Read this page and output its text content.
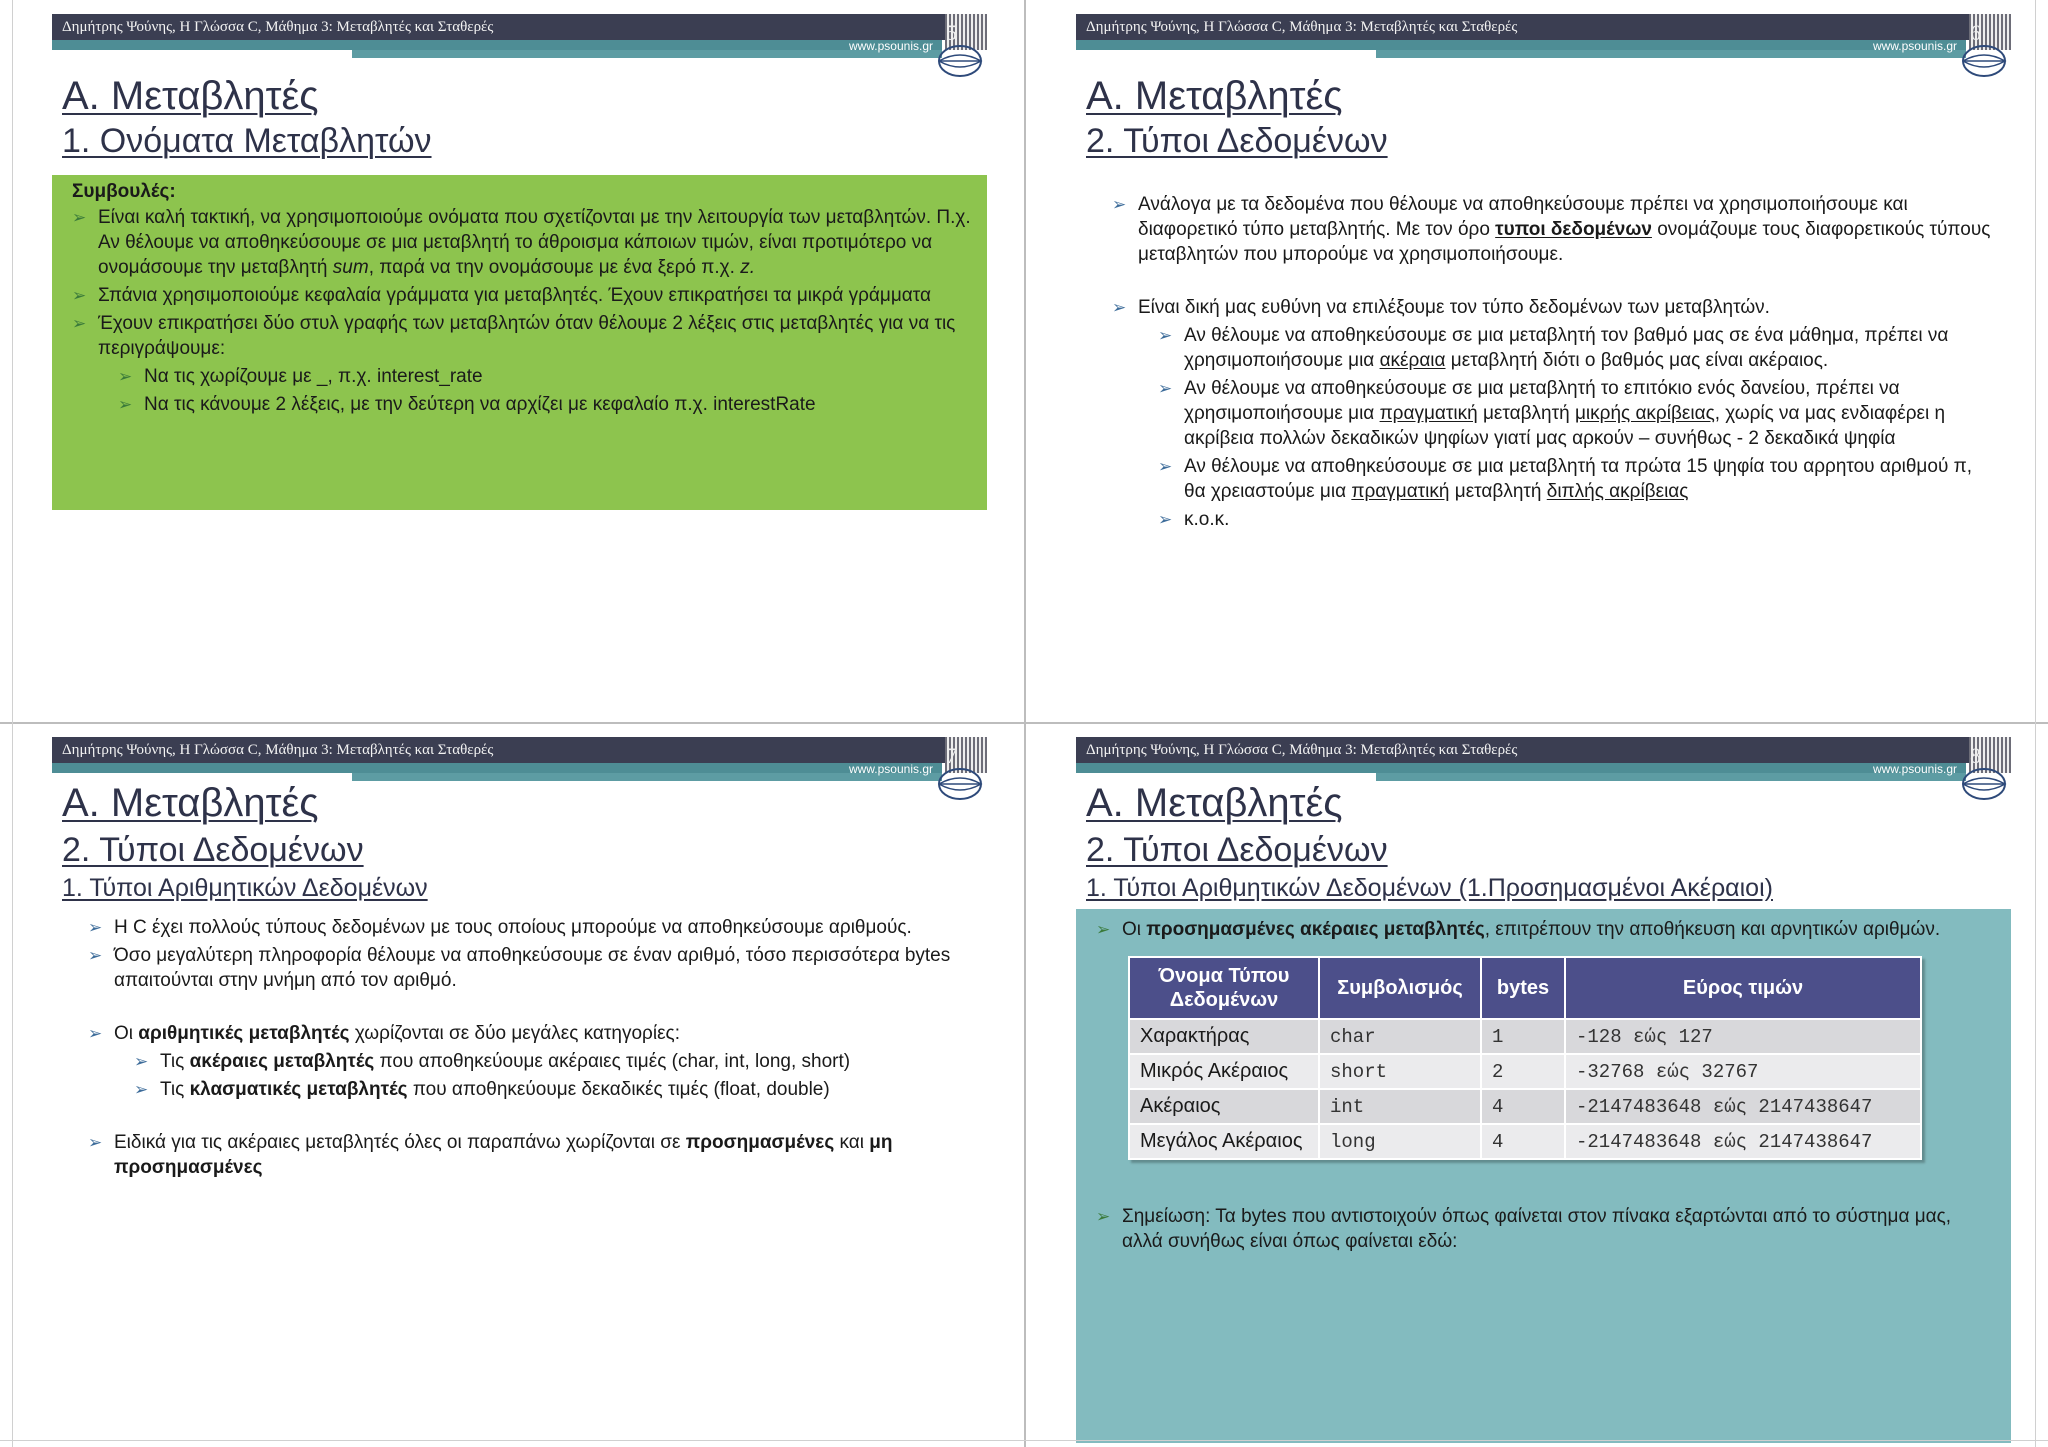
Δημήτρης Ψούνης, Η Γλώσσα C, Μάθημα 3: Μεταβλητές και Σταθερές
www.psounis.gr
5
Α. Μεταβλητές
1. Ονόματα Μεταβλητών
Συμβουλές:
➢ Είναι καλή τακτική, να χρησιμοποιούμε ονόματα που σχετίζονται με την λειτουργία των μεταβλητών. Π.χ. Αν θέλουμε να αποθηκεύσουμε σε μια μεταβλητή το άθροισμα κάποιων τιμών, είναι προτιμότερο να ονομάσουμε την μεταβλητή sum, παρά να την ονομάσουμε με ένα ξερό π.χ. z.
➢ Σπάνια χρησιμοποιούμε κεφαλαία γράμματα για μεταβλητές. Έχουν επικρατήσει τα μικρά γράμματα
➢ Έχουν επικρατήσει δύο στυλ γραφής των μεταβλητών όταν θέλουμε 2 λέξεις στις μεταβλητές για να τις περιγράψουμε:
➢ Να τις χωρίζουμε με _, π.χ. interest_rate
➢ Να τις κάνουμε 2 λέξεις, με την δεύτερη να αρχίζει με κεφαλαίο π.χ. interestRate
Δημήτρης Ψούνης, Η Γλώσσα C, Μάθημα 3: Μεταβλητές και Σταθερές
www.psounis.gr
6
Α. Μεταβλητές
2. Τύποι Δεδομένων
➢ Ανάλογα με τα δεδομένα που θέλουμε να αποθηκεύσουμε πρέπει να χρησιμοποιήσουμε και διαφορετικό τύπο μεταβλητής. Με τον όρο τυποι δεδομένων ονομάζουμε τους διαφορετικούς τύπους μεταβλητών που μπορούμε να χρησιμοποιήσουμε.
➢ Είναι δική μας ευθύνη να επιλέξουμε τον τύπο δεδομένων των μεταβλητών.
➢ Αν θέλουμε να αποθηκεύσουμε σε μια μεταβλητή τον βαθμό μας σε ένα μάθημα, πρέπει να χρησιμοποιήσουμε μια ακέραια μεταβλητή διότι ο βαθμός μας είναι ακέραιος.
➢ Αν θέλουμε να αποθηκεύσουμε σε μια μεταβλητή το επιτόκιο ενός δανείου, πρέπει να χρησιμοποιήσουμε μια πραγματική μεταβλητή μικρής ακρίβειας, χωρίς να μας ενδιαφέρει η ακρίβεια πολλών δεκαδικών ψηφίων γιατί μας αρκούν – συνήθως - 2 δεκαδικά ψηφία
➢ Αν θέλουμε να αποθηκεύσουμε σε μια μεταβλητή τα πρώτα 15 ψηφία του αρρητου αριθμού π, θα χρειαστούμε μια πραγματική μεταβλητή διπλής ακρίβειας
➢ κ.ο.κ.
Δημήτρης Ψούνης, Η Γλώσσα C, Μάθημα 3: Μεταβλητές και Σταθερές
www.psounis.gr
7
Α. Μεταβλητές
2. Τύποι Δεδομένων
1. Τύποι Αριθμητικών Δεδομένων
➢ Η C έχει πολλούς τύπους δεδομένων με τους οποίους μπορούμε να αποθηκεύσουμε αριθμούς.
➢ Όσο μεγαλύτερη πληροφορία θέλουμε να αποθηκεύσουμε σε έναν αριθμό, τόσο περισσότερα bytes απαιτούνται στην μνήμη από τον αριθμό.
➢ Οι αριθμητικές μεταβλητές χωρίζονται σε δύο μεγάλες κατηγορίες:
➢ Τις ακέραιες μεταβλητές που αποθηκεύουμε ακέραιες τιμές (char, int, long, short)
➢ Τις κλασματικές μεταβλητές που αποθηκεύουμε δεκαδικές τιμές (float, double)
➢ Ειδικά για τις ακέραιες μεταβλητές όλες οι παραπάνω χωρίζονται σε προσημασμένες και μη προσημασμένες
Δημήτρης Ψούνης, Η Γλώσσα C, Μάθημα 3: Μεταβλητές και Σταθερές
www.psounis.gr
8
Α. Μεταβλητές
2. Τύποι Δεδομένων
1. Τύποι Αριθμητικών Δεδομένων (1.Προσημασμένοι Ακέραιοι)
➢ Οι προσημασμένες ακέραιες μεταβλητές, επιτρέπουν την αποθήκευση και αρνητικών αριθμών.
Όνομα Τύπου Δεδομένων	Συμβολισμός	bytes	Εύρος τιμών
Χαρακτήρας	char	1	-128 εώς 127
Μικρός Ακέραιος	short	2	-32768 εώς 32767
Ακέραιος	int	4	-2147483648 εώς 2147438647
Μεγάλος Ακέραιος	long	4	-2147483648 εώς 2147438647
➢ Σημείωση: Τα bytes που αντιστοιχούν όπως φαίνεται στον πίνακα εξαρτώνται από το σύστημα μας, αλλά συνήθως είναι όπως φαίνεται εδώ:
